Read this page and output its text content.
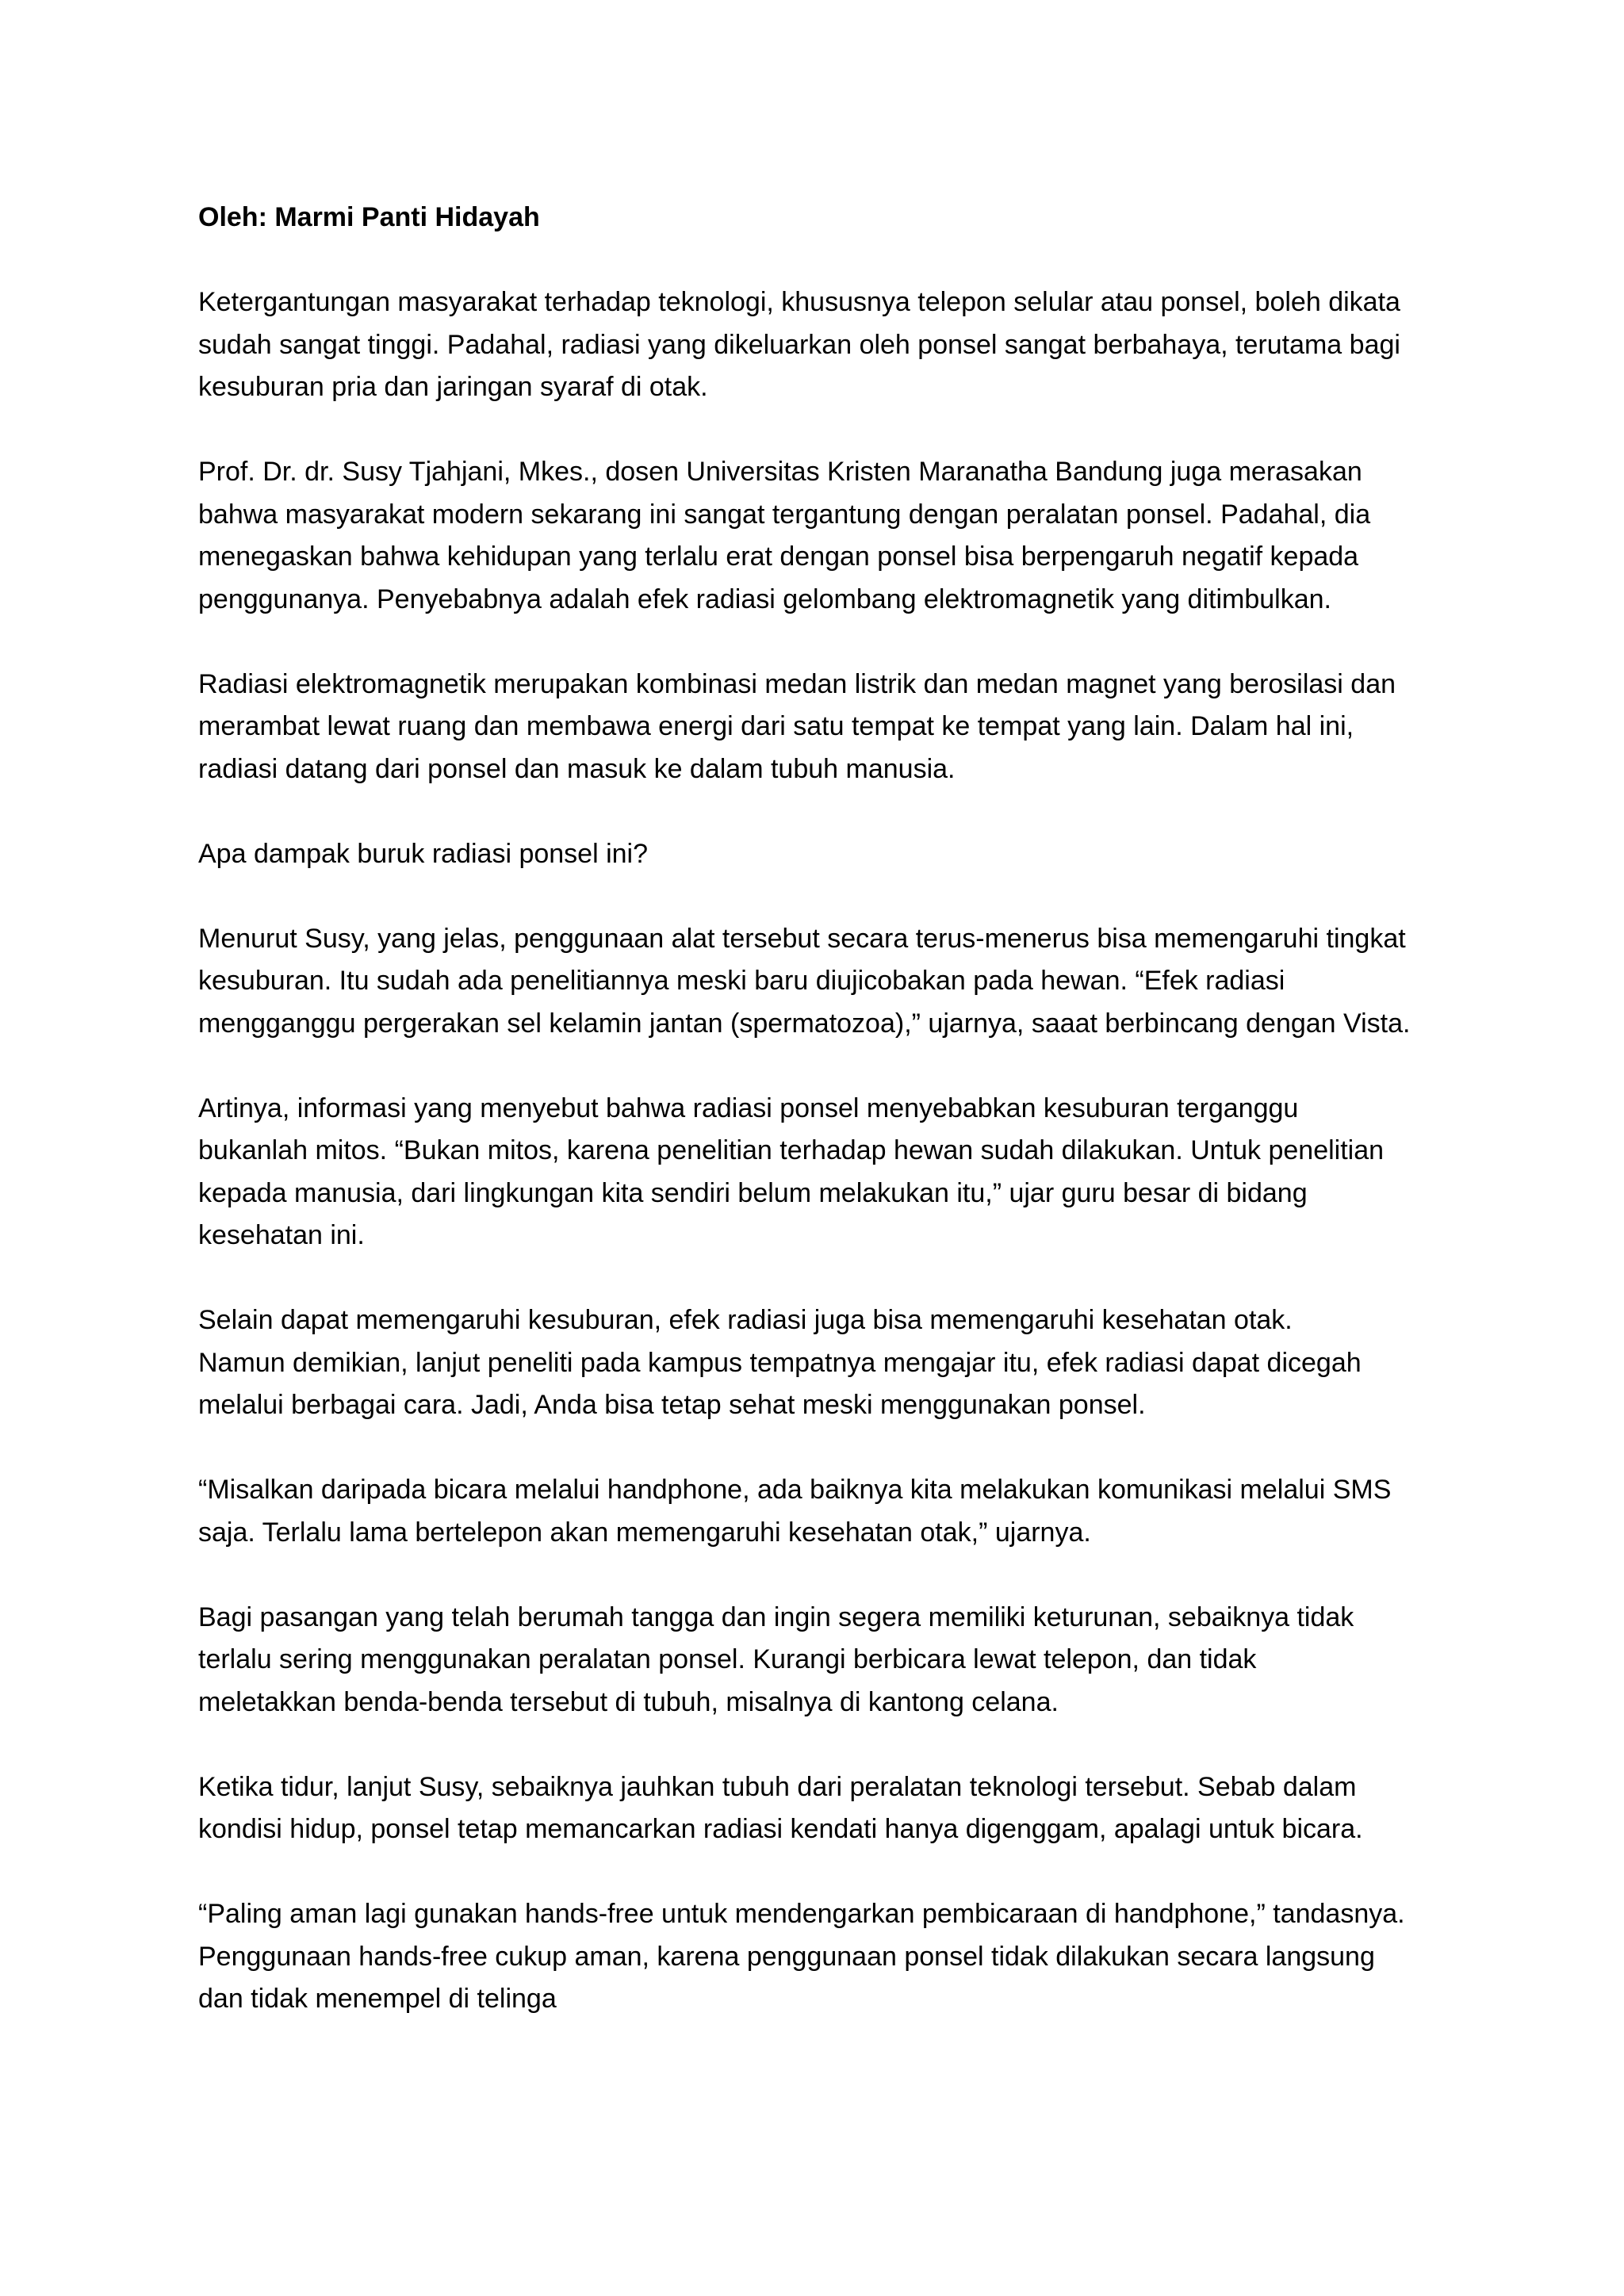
Oleh: Marmi Panti Hidayah
Ketergantungan masyarakat terhadap teknologi, khususnya telepon selular atau ponsel, boleh dikata
sudah sangat tinggi. Padahal, radiasi yang dikeluarkan oleh ponsel sangat berbahaya, terutama bagi
kesuburan pria dan jaringan syaraf di otak.
Prof. Dr. dr. Susy Tjahjani, Mkes., dosen Universitas Kristen Maranatha Bandung juga merasakan
bahwa masyarakat modern sekarang ini sangat tergantung dengan peralatan ponsel. Padahal, dia
menegaskan bahwa kehidupan yang terlalu erat dengan ponsel bisa berpengaruh negatif kepada
penggunanya. Penyebabnya adalah efek radiasi gelombang elektromagnetik yang ditimbulkan.
Radiasi elektromagnetik merupakan kombinasi medan listrik dan medan magnet yang berosilasi dan
merambat lewat ruang dan membawa energi dari satu tempat ke tempat yang lain. Dalam hal ini,
radiasi datang dari ponsel dan masuk ke dalam tubuh manusia.
Apa dampak buruk radiasi ponsel ini?
Menurut Susy, yang jelas, penggunaan alat tersebut secara terus-menerus bisa memengaruhi tingkat
kesuburan. Itu sudah ada penelitiannya meski baru diujicobakan pada hewan. “Efek radiasi
mengganggu pergerakan sel kelamin jantan (spermatozoa),” ujarnya, saaat berbincang dengan Vista.
Artinya, informasi yang menyebut bahwa radiasi ponsel menyebabkan kesuburan terganggu
bukanlah mitos. “Bukan mitos, karena penelitian terhadap hewan sudah dilakukan. Untuk penelitian
kepada manusia, dari lingkungan kita sendiri belum melakukan itu,” ujar guru besar di bidang
kesehatan ini.
Selain dapat memengaruhi kesuburan, efek radiasi juga bisa memengaruhi kesehatan otak.
Namun demikian, lanjut peneliti pada kampus tempatnya mengajar itu, efek radiasi dapat dicegah
melalui berbagai cara. Jadi, Anda bisa tetap sehat meski menggunakan ponsel.
“Misalkan daripada bicara melalui handphone, ada baiknya kita melakukan komunikasi melalui SMS
saja. Terlalu lama bertelepon akan memengaruhi kesehatan otak,” ujarnya.
Bagi pasangan yang telah berumah tangga dan ingin segera memiliki keturunan, sebaiknya tidak
terlalu sering menggunakan peralatan ponsel. Kurangi berbicara lewat telepon, dan tidak
meletakkan benda-benda tersebut di tubuh, misalnya di kantong celana.
Ketika tidur, lanjut Susy, sebaiknya jauhkan tubuh dari peralatan teknologi tersebut. Sebab dalam
kondisi hidup, ponsel tetap memancarkan radiasi kendati hanya digenggam, apalagi untuk bicara.
“Paling aman lagi gunakan hands-free untuk mendengarkan pembicaraan di handphone,” tandasnya.
Penggunaan hands-free cukup aman, karena penggunaan ponsel tidak dilakukan secara langsung
dan tidak menempel di telinga
